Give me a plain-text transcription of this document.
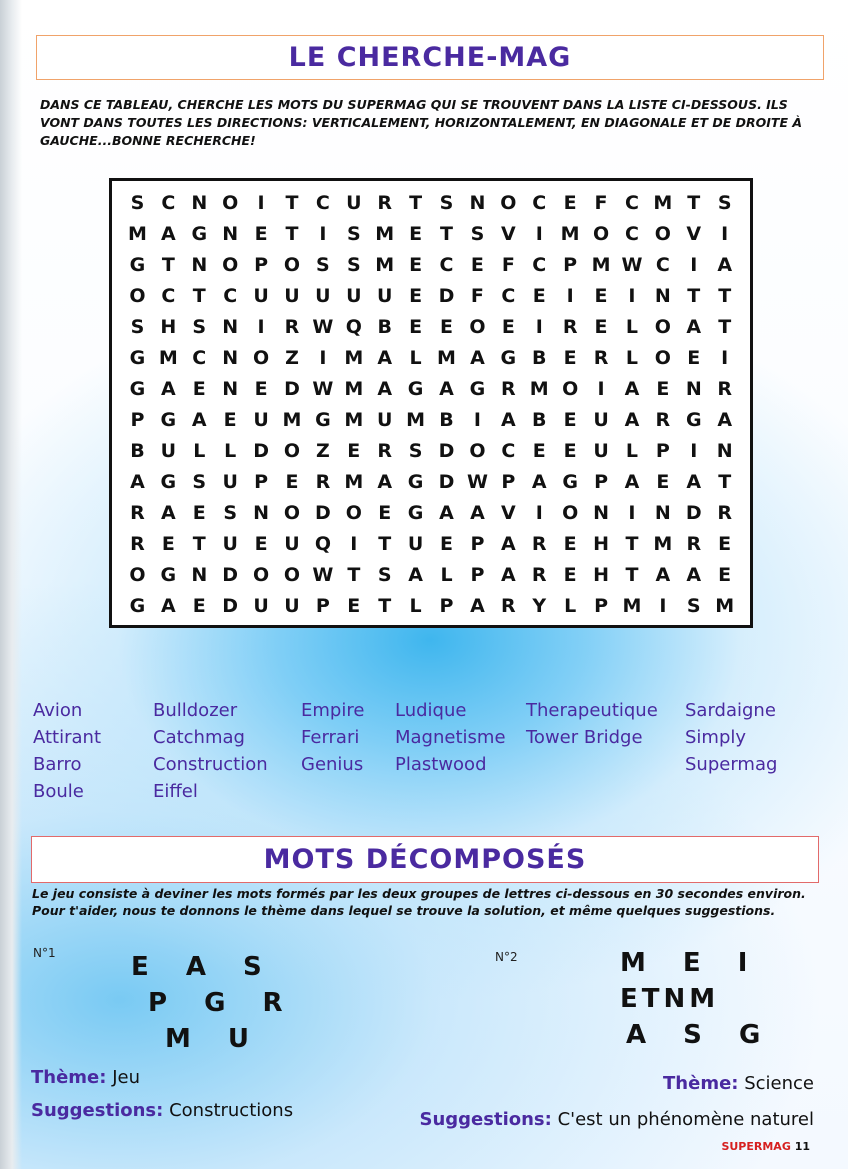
LE CHERCHE-MAG
DANS CE TABLEAU, CHERCHE LES MOTS DU SUPERMAG QUI SE TROUVENT DANS LA LISTE CI-DESSOUS. ILS VONT DANS TOUTES LES DIRECTIONS: VERTICALEMENT, HORIZONTALEMENT, EN DIAGONALE ET DE DROITE À GAUCHE...BONNE RECHERCHE!
S C N O	I	T C U R T S N O C E F C M T S
M A G N E T	I	S M E T S V	I M O C O V	I
G T N O P O S S M E C E F C P M W C	I	A
O C T C U U U U U E D F C E	I	E	I	N T T
S H S N	I	R W Q B E E O E	I	R E L O A T
G M C N O Z	I M A L M A G B E R L O E	I
G A E N E D W M A G A G R M O	I	A E N R
P G A E U M G M U M B	I	A B E U A R G A
B U L L D O Z E R S D O C E E U L P	I	N
A G S U P E R M A G D W P A G P A E A T
R A E S N O D O E G A A V	I	O N	I	N D R
R E T U E U Q	I	T U E P A R E H T M R E
O G N D O O W T S A L P A R E H T A A E
G A E D U U P E T L P A R Y L P M I	S M
Avion
Attirant
Barro
Boule
Bulldozer
Catchmag
Construction
Eiffel
Empire
Ferrari
Genius
Ludique
Magnetisme
Plastwood
Therapeutique
Tower Bridge
Sardaigne
Simply
Supermag
MOTS DÉCOMPOSÉS
Le jeu consiste à deviner les mots formés par les deux groupes de lettres ci-dessous en 30 secondes environ. Pour t'aider, nous te donnons le thème dans lequel se trouve la solution, et même quelques suggestions.
N°1	E A S
P G R
M U
Thème: Jeu
Suggestions: Constructions
N°2	M E I
ETNM
A S G
Thème: Science
Suggestions: C'est un phénomène naturel
SUPERMAG 11
